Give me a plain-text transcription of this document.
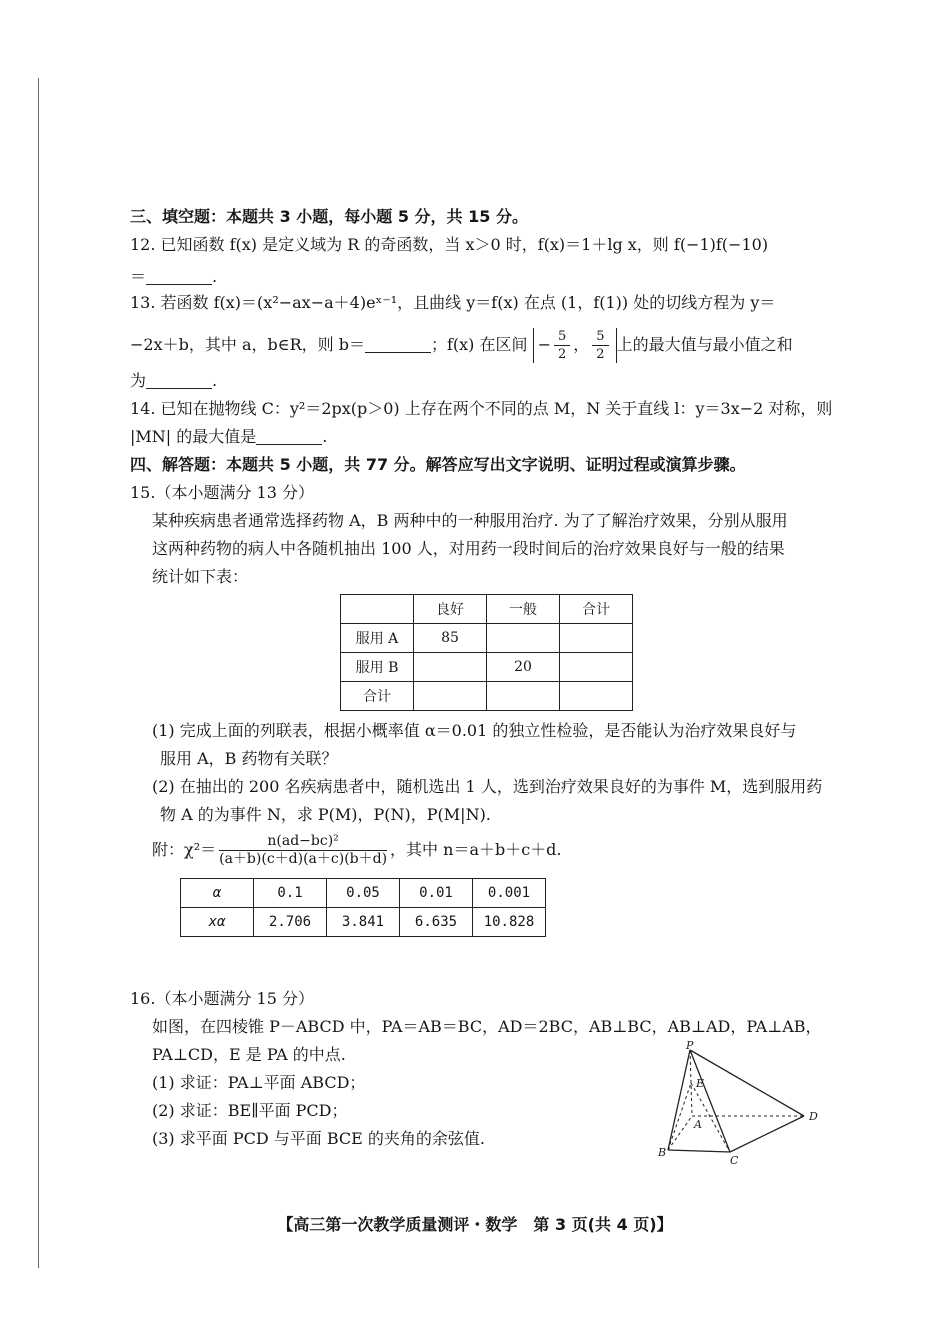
三、填空题：本题共 3 小题，每小题 5 分，共 15 分。
12. 已知函数 f(x) 是定义域为 R 的奇函数，当 x＞0 时，f(x)＝1＋lg x，则 f(−1)f(−10)
＝	.
13. 若函数 f(x)＝(x²−ax−a＋4)eˣ⁻¹，且曲线 y＝f(x) 在点 (1，f(1)) 处的切线方程为 y＝
−2x＋b，其中 a，b∈R，则 b＝	；f(x) 在区间 − $\frac{5}{2}$ ， $\frac{5}{2}$ 上的最大值与最小值之和
为	.
14. 已知在抛物线 C：y²＝2px(p＞0) 上存在两个不同的点 M，N 关于直线 l：y＝3x−2 对称，则
|MN| 的最大值是	.
四、解答题：本题共 5 小题，共 77 分。解答应写出文字说明、证明过程或演算步骤。
15.（本小题满分 13 分）
某种疾病患者通常选择药物 A，B 两种中的一种服用治疗. 为了了解治疗效果，分别从服用
这两种药物的病人中各随机抽出 100 人，对用药一段时间后的治疗效果良好与一般的结果
统计如下表：
	良好	一般	合计
服用 A	85		
服用 B		20	
合计			
(1) 完成上面的列联表，根据小概率值 α＝0.01 的独立性检验，是否能认为治疗效果良好与
服用 A，B 药物有关联？
(2) 在抽出的 200 名疾病患者中，随机选出 1 人，选到治疗效果良好的为事件 M，选到服用药
物 A 的为事件 N，求 P(M)，P(N)，P(M|N).
附：$\chi^2= \frac{\text{n(ad−bc)²}}{(a+b)(c+d)(a+c)(b+d)}$ ，其中 n＝a＋b＋c＋d.
α	0.1	0.05	0.01	0.001
xα	2.706	3.841	6.635	10.828
16.（本小题满分 15 分）
如图，在四棱锥 P－ABCD 中，PA＝AB＝BC，AD＝2BC，AB⊥BC，AB⊥AD，PA⊥AB，
PA⊥CD，E 是 PA 的中点.
(1) 求证：PA⊥平面 ABCD；
(2) 求证：BE∥平面 PCD；
(3) 求平面 PCD 与平面 BCE 的夹角的余弦值.
P
E
A
B
C
D
【高三第一次教学质量测评・数学　第 3 页(共 4 页)】
